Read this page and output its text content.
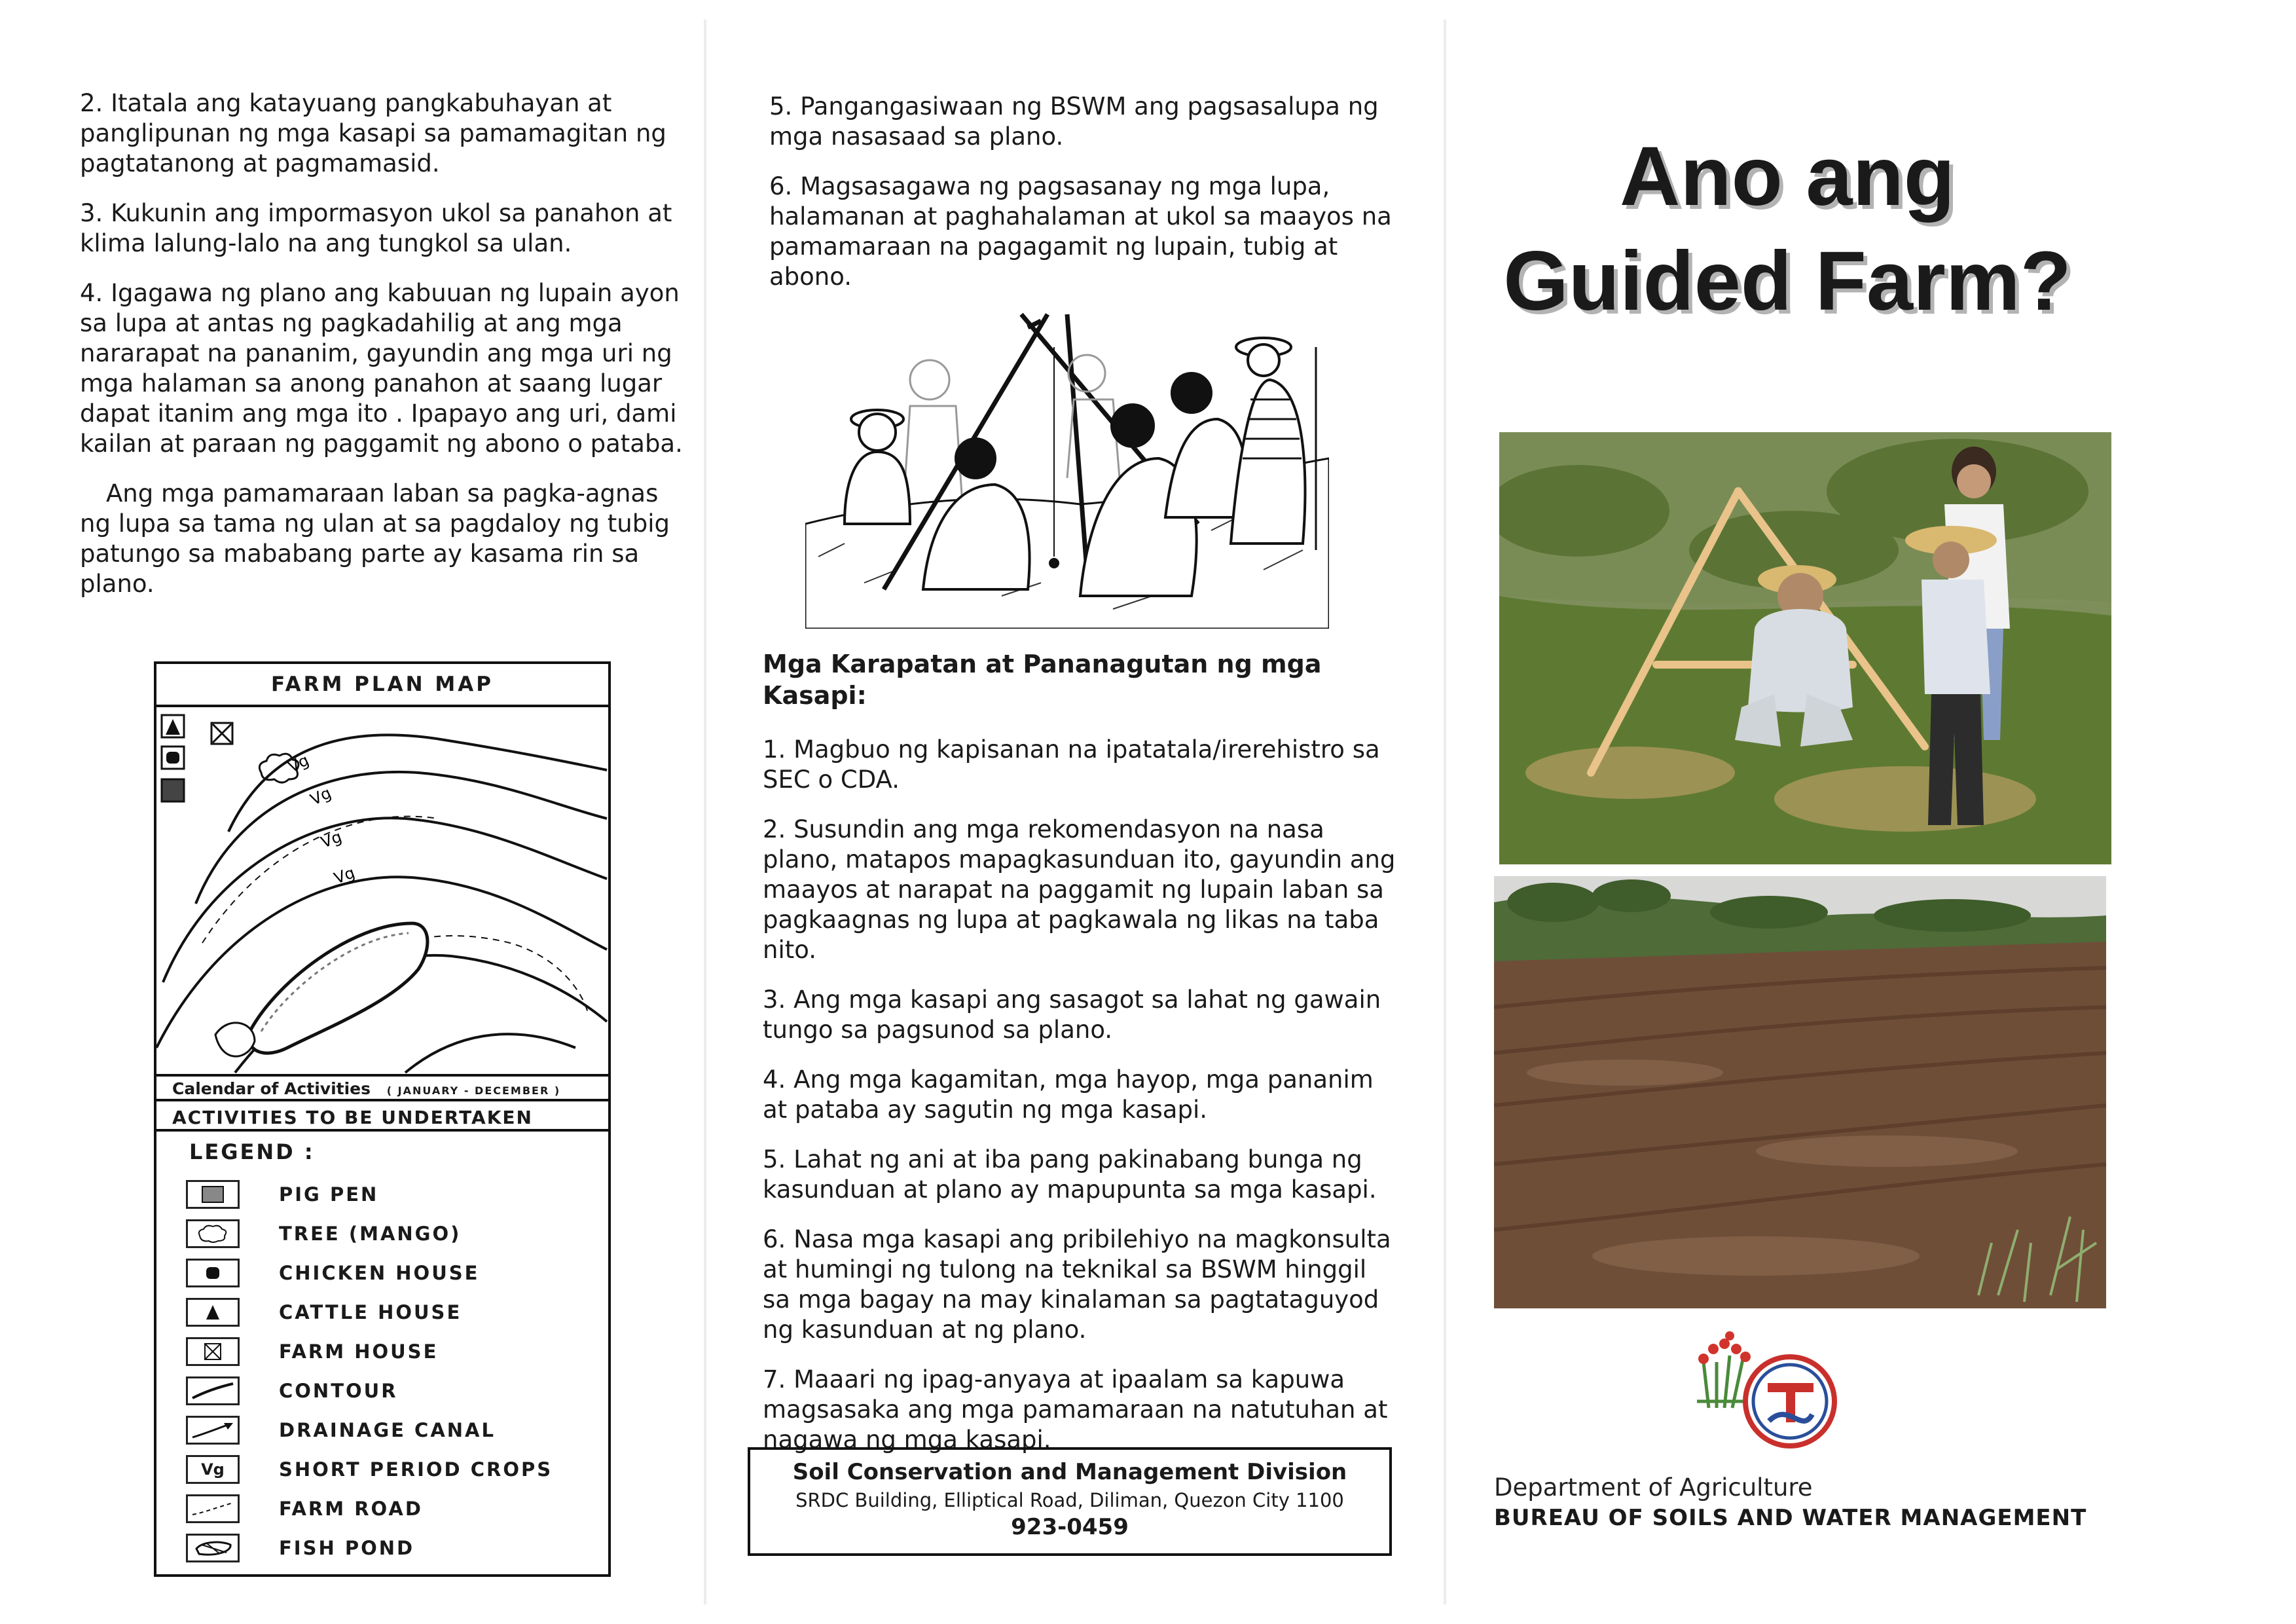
2. Itatala ang katayuang pangkabuhayan at panglipunan ng mga kasapi sa pamamagitan ng pagtatanong at pagmamasid.

3. Kukunin ang impormasyon ukol sa panahon at klima lalung-lalo na ang tungkol sa ulan.

4. Igagawa ng plano ang kabuuan ng lupain ayon sa lupa at antas ng pagkadahilig at ang mga nararapat na pananim, gayundin ang mga uri ng mga halaman sa anong panahon at saang lugar dapat itanim ang mga ito . Ipapayo ang uri, dami kailan at paraan ng paggamit ng abono o pataba.

Ang mga pamamaraan laban sa pagka-agnas ng lupa sa tama ng ulan at sa pagdaloy ng tubig patungo sa mababang parte ay kasama rin sa plano.

FARM PLAN MAP
Vg
Vg
Vg
Vg
Calendar of Activities ( JANUARY - DECEMBER )
ACTIVITIES TO BE UNDERTAKEN
LEGEND :
PIG PEN
TREE (MANGO)
CHICKEN HOUSE
CATTLE HOUSE
FARM HOUSE
CONTOUR
DRAINAGE CANAL
Vg	SHORT PERIOD CROPS
FARM ROAD
FISH POND

5. Pangangasiwaan ng BSWM ang pagsasalupa ng mga nasasaad sa plano.

6. Magsasagawa ng pagsasanay ng mga lupa, halamanan at paghahalaman at ukol sa maayos na pamamaraan na pagagamit ng lupain, tubig at abono.

Mga Karapatan at Pananagutan ng mga Kasapi:

1. Magbuo ng kapisanan na ipatatala/irerehistro sa SEC o CDA.

2. Susundin ang mga rekomendasyon na nasa plano, matapos mapagkasunduan ito, gayundin ang maayos at narapat na paggamit ng lupain laban sa pagkaagnas ng lupa at pagkawala ng likas na taba nito.

3. Ang mga kasapi ang sasagot sa lahat ng gawain tungo sa pagsunod sa plano.

4. Ang mga kagamitan, mga hayop, mga pananim at pataba ay sagutin ng mga kasapi.

5. Lahat ng ani at iba pang pakinabang bunga ng kasunduan at plano ay mapupunta sa mga kasapi.

6. Nasa mga kasapi ang pribilehiyo na magkonsulta at humingi ng tulong na teknikal sa BSWM hinggil sa mga bagay na may kinalaman sa pagtataguyod ng kasunduan at ng plano.

7. Maaari ng ipag-anyaya at ipaalam sa kapuwa magsasaka ang mga pamamaraan na natutuhan at nagawa ng mga kasapi.

Soil Conservation and Management Division
SRDC Building, Elliptical Road, Diliman, Quezon City 1100
923-0459
Ano ang
Guided Farm?
Department of Agriculture
BUREAU OF SOILS AND WATER MANAGEMENT
